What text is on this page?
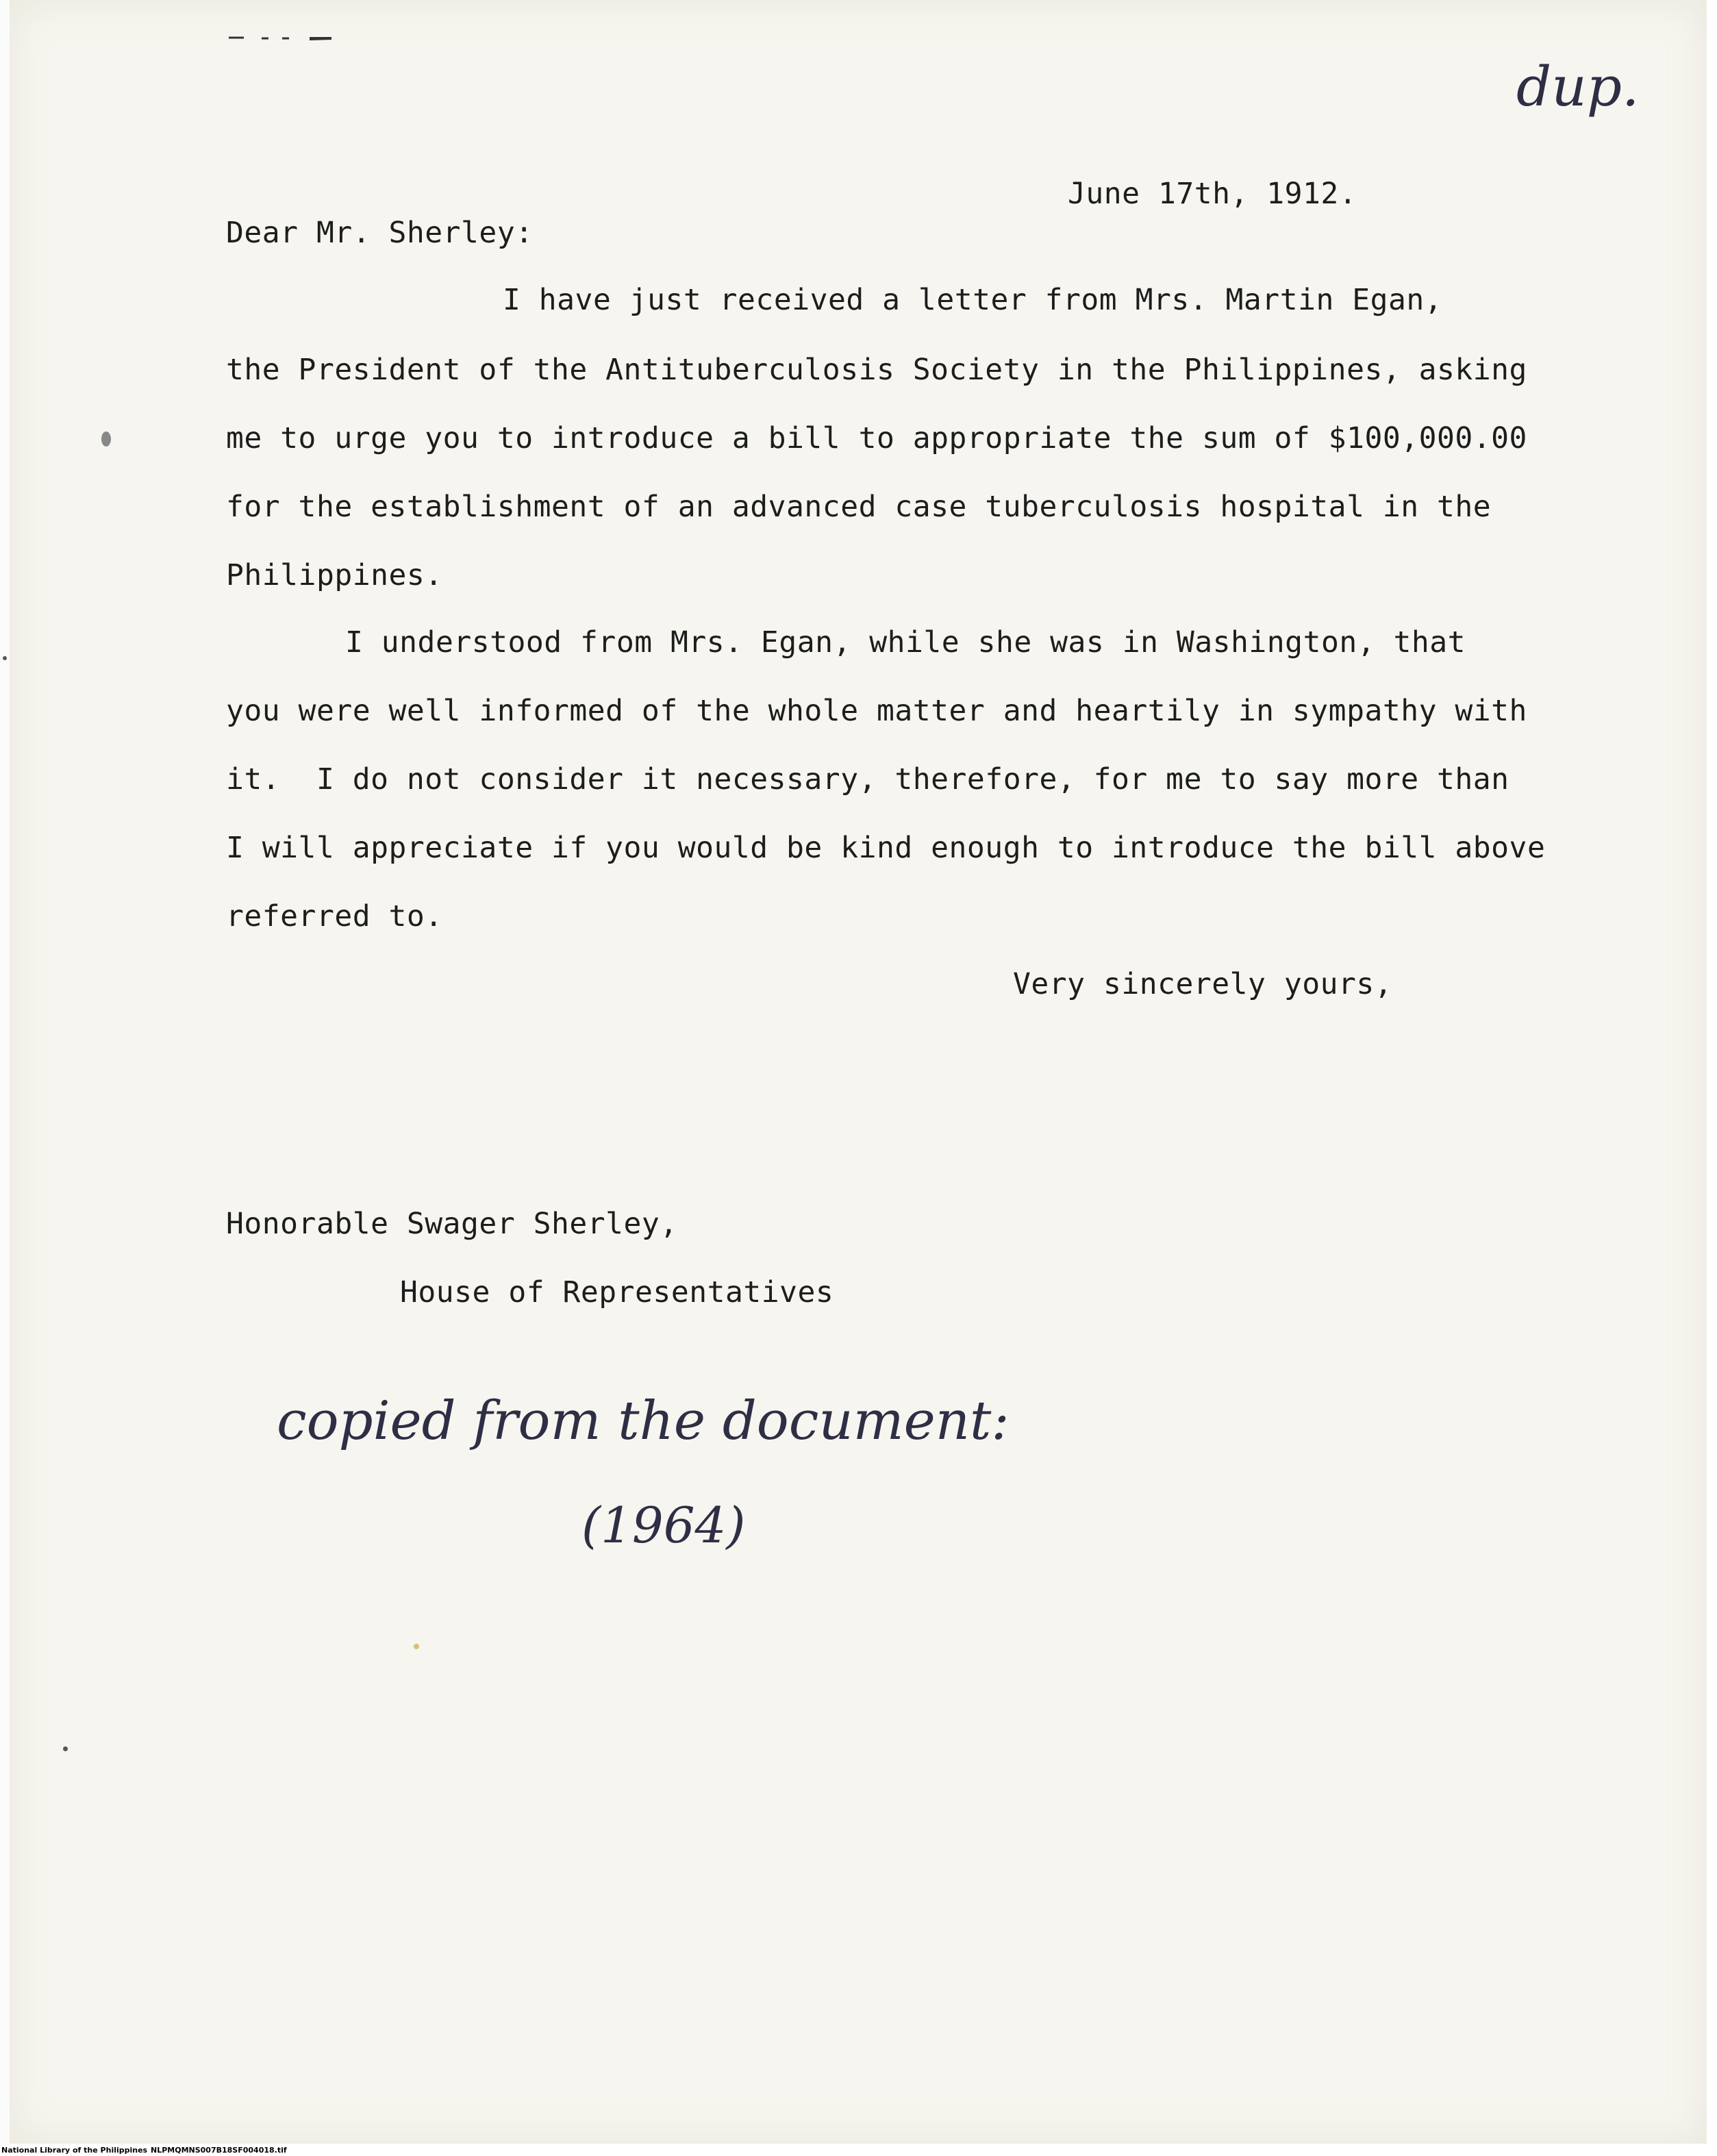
dup.
June 17th, 1912.
Dear Mr. Sherley:
I have just received a letter from Mrs. Martin Egan,
the President of the Antituberculosis Society in the Philippines, asking
me to urge you to introduce a bill to appropriate the sum of $100,000.00
for the establishment of an advanced case tuberculosis hospital in the
Philippines.
I understood from Mrs. Egan, while she was in Washington, that
you were well informed of the whole matter and heartily in sympathy with
it.  I do not consider it necessary, therefore, for me to say more than
I will appreciate if you would be kind enough to introduce the bill above
referred to.
Very sincerely yours,
Honorable Swager Sherley,
House of Representatives
copied from the document:
(1964)
National Library of the Philippines NLPMQMNS007B18SF004018.tif
